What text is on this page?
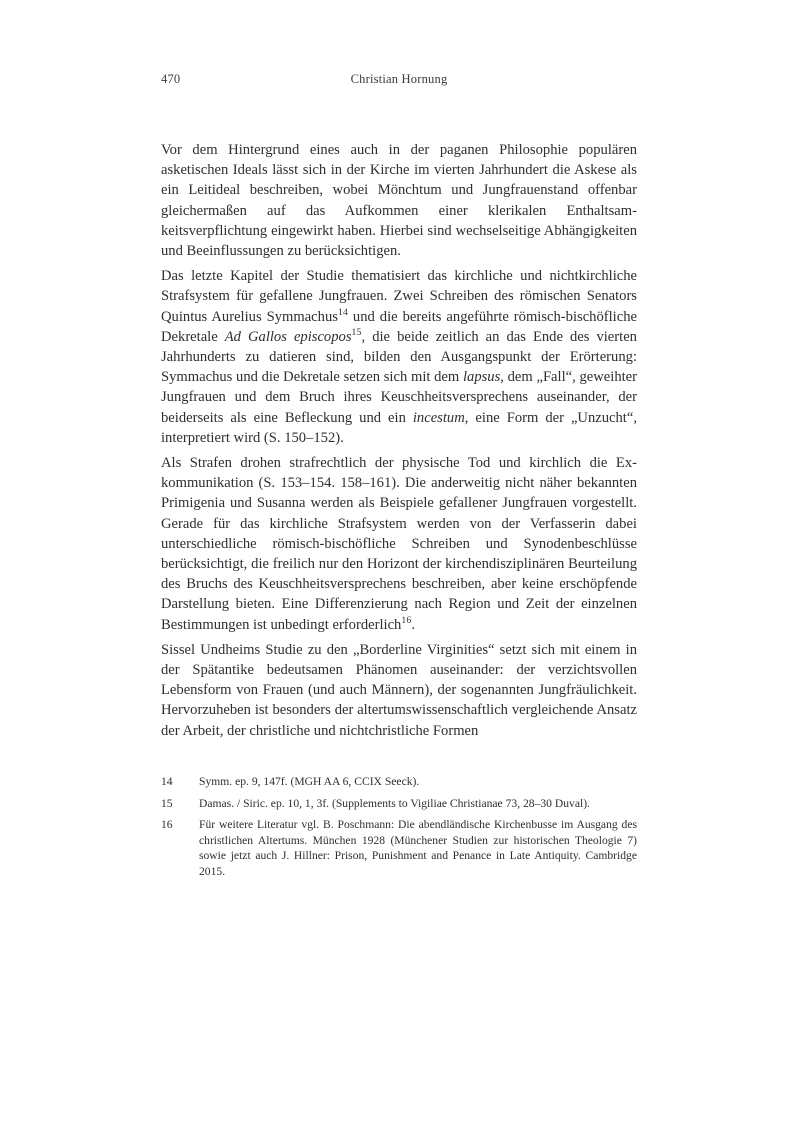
470	Christian Hornung

Vor dem Hintergrund eines auch in der paganen Philosophie populären asketischen Ideals lässt sich in der Kirche im vierten Jahrhundert die Askese als ein Leitideal beschreiben, wobei Mönchtum und Jungfrauenstand offenbar gleichermaßen auf das Aufkommen einer klerikalen Enthaltsamkeitsverpflichtung eingewirkt haben. Hierbei sind wechselseitige Abhängigkeiten und Beeinflussungen zu berücksichtigen.

Das letzte Kapitel der Studie thematisiert das kirchliche und nichtkirchliche Strafsystem für gefallene Jungfrauen. Zwei Schreiben des römischen Senators Quintus Aurelius Symmachus$^{14}$ und die bereits angeführte römisch-bischöfliche Dekretale Ad Gallos episcopos$^{15}$, die beide zeitlich an das Ende des vierten Jahrhunderts zu datieren sind, bilden den Ausgangspunkt der Erörterung: Symmachus und die Dekretale setzen sich mit dem lapsus, dem „Fall“, geweihter Jungfrauen und dem Bruch ihres Keuschheitsversprechens auseinander, der beiderseits als eine Befleckung und ein incestum, eine Form der „Unzucht“, interpretiert wird (S. 150–152).

Als Strafen drohen strafrechtlich der physische Tod und kirchlich die Exkommunikation (S. 153–154. 158–161). Die anderweitig nicht näher bekannten Primigenia und Susanna werden als Beispiele gefallener Jungfrauen vorgestellt. Gerade für das kirchliche Strafsystem werden von der Verfasserin dabei unterschiedliche römisch-bischöfliche Schreiben und Synodenbeschlüsse berücksichtigt, die freilich nur den Horizont der kirchendisziplinären Beurteilung des Bruchs des Keuschheitsversprechens beschreiben, aber keine erschöpfende Darstellung bieten. Eine Differenzierung nach Region und Zeit der einzelnen Bestimmungen ist unbedingt erforderlich$^{16}$.

Sissel Undheims Studie zu den „Borderline Virginities“ setzt sich mit einem in der Spätantike bedeutsamen Phänomen auseinander: der verzichtsvollen Lebensform von Frauen (und auch Männern), der sogenannten Jungfräulichkeit. Hervorzuheben ist besonders der altertumswissenschaftlich vergleichende Ansatz der Arbeit, der christliche und nichtchristliche Formen

14	Symm. ep. 9, 147f. (MGH AA 6, CCIX Seeck).
15	Damas. / Siric. ep. 10, 1, 3f. (Supplements to Vigiliae Christianae 73, 28–30 Duval).
16	Für weitere Literatur vgl. B. Poschmann: Die abendländische Kirchenbusse im Ausgang des christlichen Altertums. München 1928 (Münchener Studien zur historischen Theologie 7) sowie jetzt auch J. Hillner: Prison, Punishment and Penance in Late Antiquity. Cambridge 2015.
